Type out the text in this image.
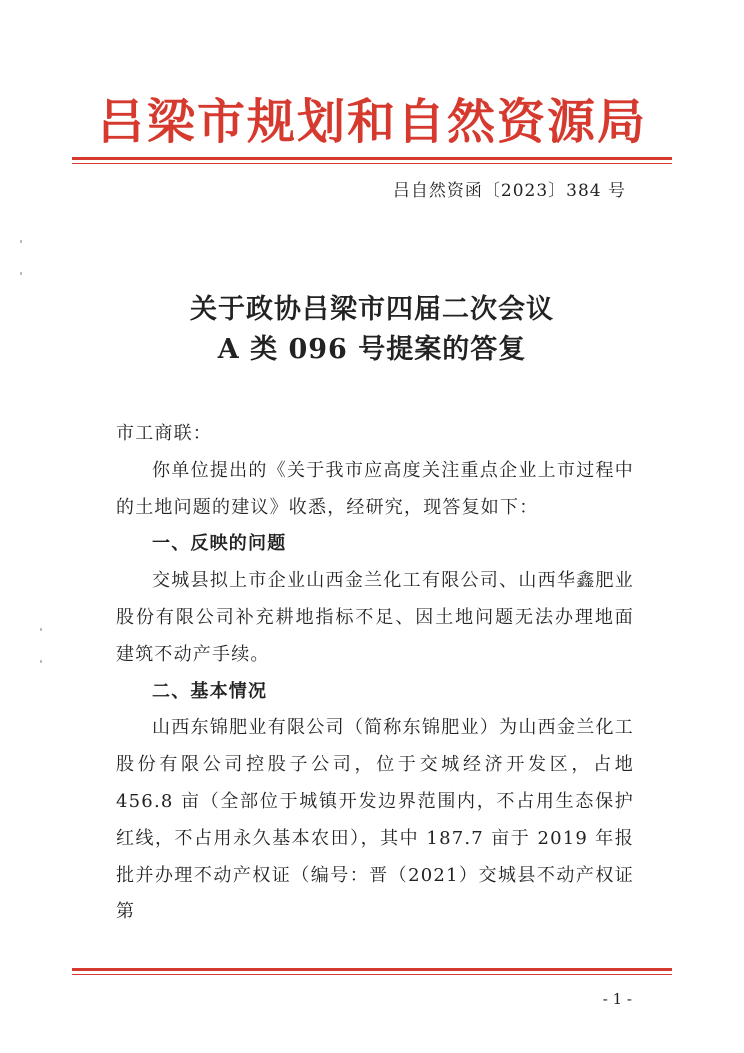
吕梁市规划和自然资源局
吕自然资函〔2023〕384 号
关于政协吕梁市四届二次会议
A 类 096 号提案的答复
市工商联：
你单位提出的《关于我市应高度关注重点企业上市过程中的土地问题的建议》收悉，经研究，现答复如下：
一、反映的问题
交城县拟上市企业山西金兰化工有限公司、山西华鑫肥业股份有限公司补充耕地指标不足、因土地问题无法办理地面建筑不动产手续。
二、基本情况
山西东锦肥业有限公司（简称东锦肥业）为山西金兰化工股份有限公司控股子公司，位于交城经济开发区，占地456.8 亩（全部位于城镇开发边界范围内，不占用生态保护红线，不占用永久基本农田），其中 187.7 亩于 2019 年报批并办理不动产权证（编号：晋（2021）交城县不动产权证第
- 1 -
